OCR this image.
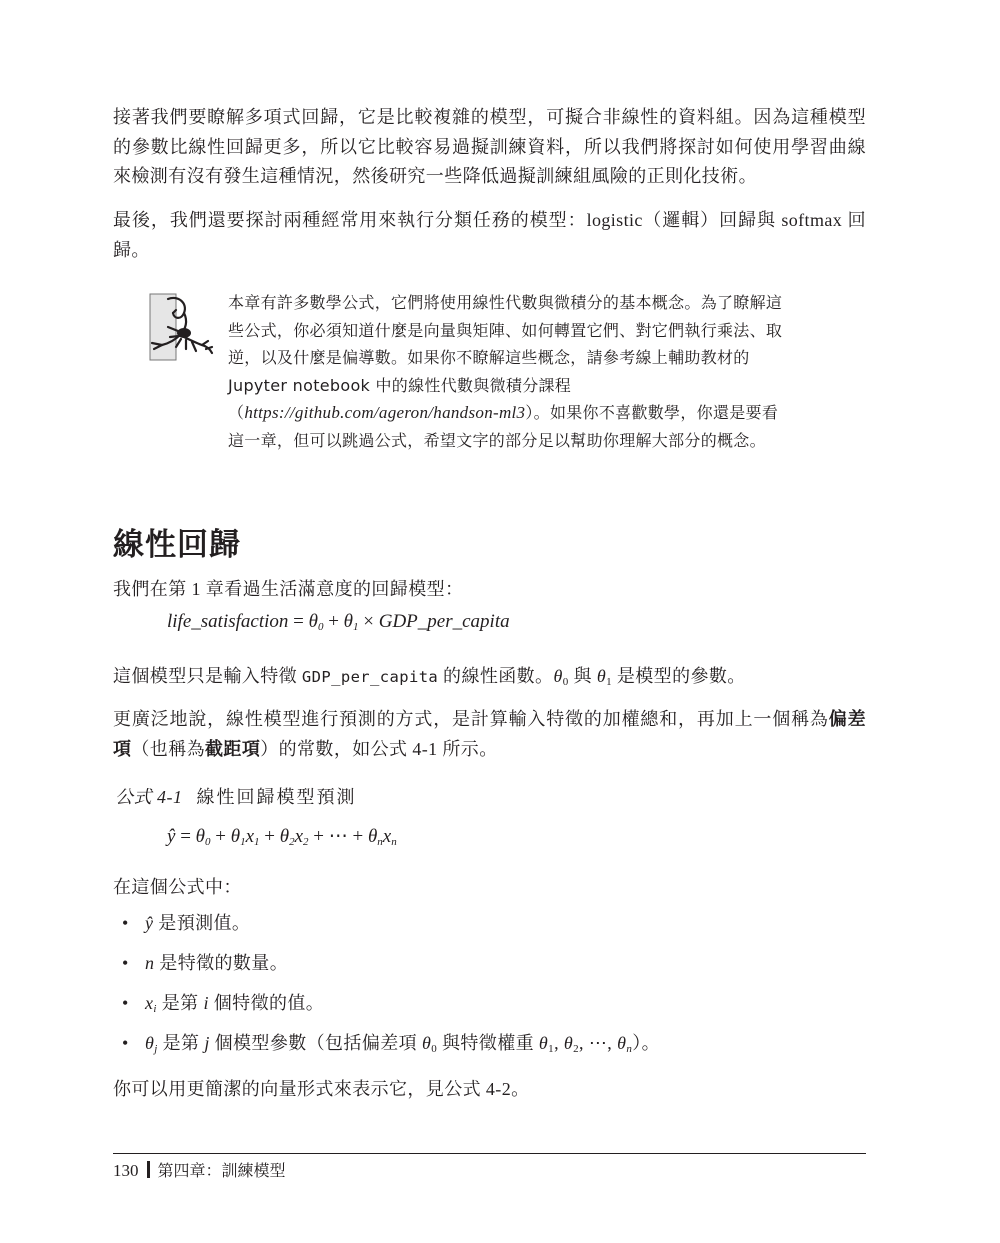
接著我們要瞭解多項式回歸，它是比較複雜的模型，可擬合非線性的資料組。因為這種模型的參數比線性回歸更多，所以它比較容易過擬訓練資料，所以我們將探討如何使用學習曲線來檢測有沒有發生這種情況，然後研究一些降低過擬訓練組風險的正則化技術。

最後，我們還要探討兩種經常用來執行分類任務的模型：logistic（邏輯）回歸與 softmax 回歸。

本章有許多數學公式，它們將使用線性代數與微積分的基本概念。為了瞭解這些公式，你必須知道什麼是向量與矩陣、如何轉置它們、對它們執行乘法、取逆，以及什麼是偏導數。如果你不瞭解這些概念，請參考線上輔助教材的 Jupyter notebook 中的線性代數與微積分課程（https://github.com/ageron/handson-ml3）。如果你不喜歡數學，你還是要看這一章，但可以跳過公式，希望文字的部分足以幫助你理解大部分的概念。

線性回歸

我們在第 1 章看過生活滿意度的回歸模型：

life_satisfaction = $\theta_0 + \theta_1$ × GDP_per_capita

這個模型只是輸入特徵 GDP_per_capita 的線性函數。$\theta_0$ 與 $\theta_1$ 是模型的參數。

更廣泛地說，線性模型進行預測的方式，是計算輸入特徵的加權總和，再加上一個稱為偏差項（也稱為截距項）的常數，如公式 4-1 所示。

公式 4-1 線性回歸模型預測

ŷ = $\theta_0 + \theta_1x_1 + \theta_2x_2$ + ⋯ + $\theta_nx_n$

在這個公式中：

• ŷ 是預測值。
• n 是特徵的數量。
• $x_i$ 是第 i 個特徵的值。
• $\theta_j$ 是第 j 個模型參數（包括偏差項 $\theta_0$ 與特徵權重 $\theta_1$, $\theta_2$, ⋯, $\theta_n$）。

你可以用更簡潔的向量形式來表示它，見公式 4-2。

130 第四章：訓練模型
